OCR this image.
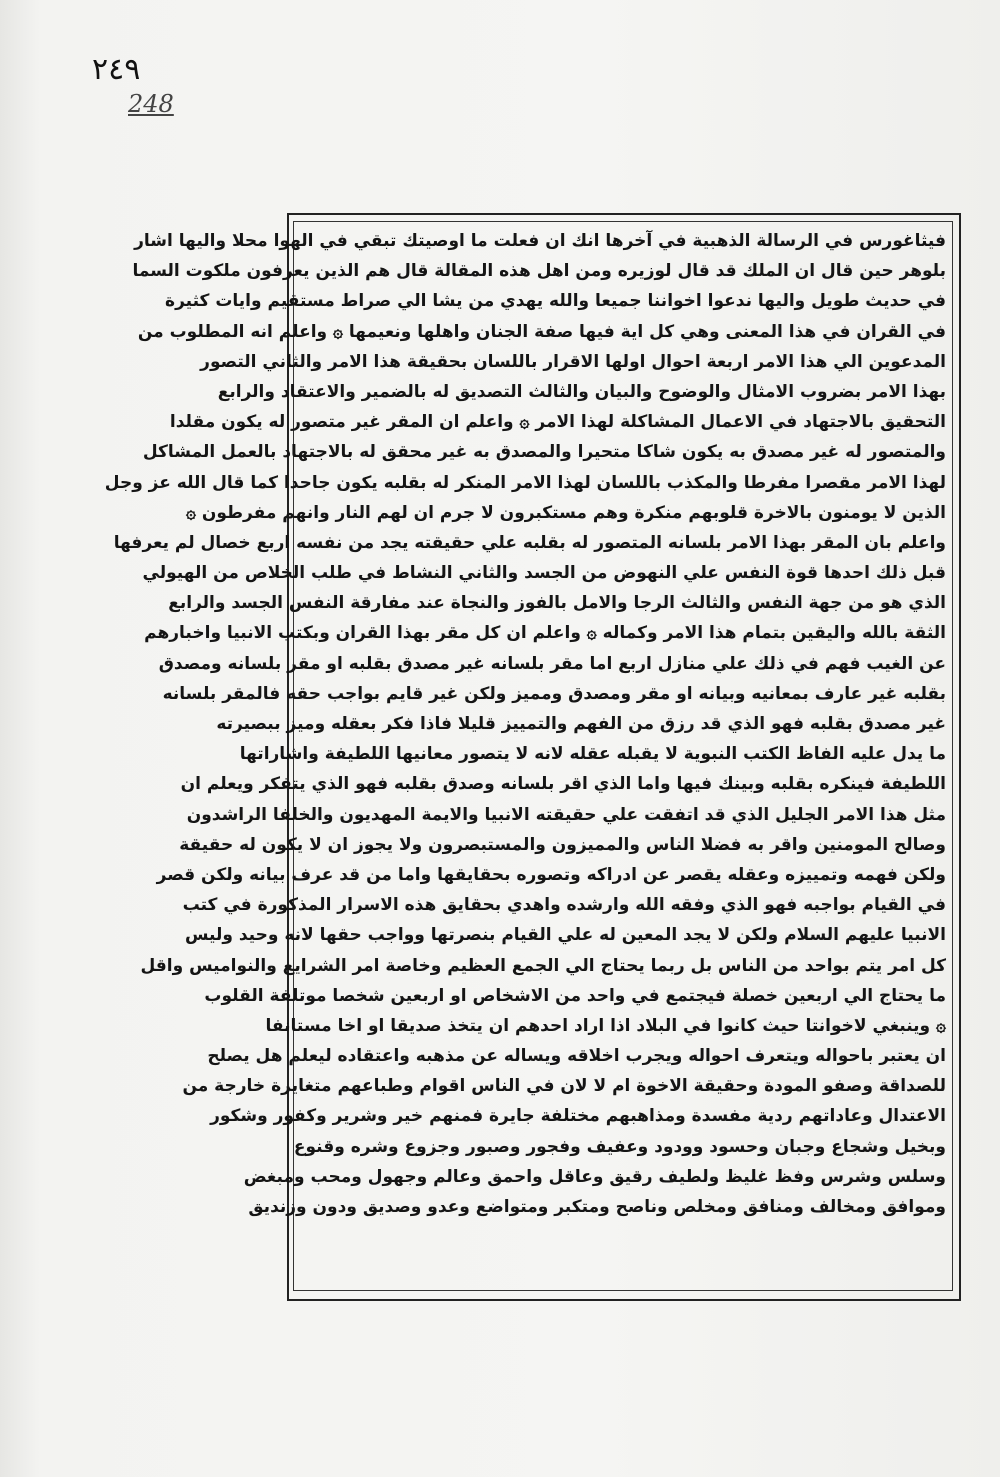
٢٤٩
248
فيثاغورس في الرسالة الذهبية في آخرها انك ان فعلت ما اوصيتك تبقي في الهوا محلا واليها اشار
بلوهر حين قال ان الملك قد قال لوزيره ومن اهل هذه المقالة قال هم الذين يعرفون ملكوت السما
في حديث طويل واليها ندعوا اخواننا جميعا والله يهدي من يشا الي صراط مستقيم وايات كثيرة
في القران في هذا المعنى وهي كل اية فيها صفة الجنان واهلها ونعيمها ۞ واعلم انه المطلوب من
المدعوين الي هذا الامر اربعة احوال اولها الاقرار باللسان بحقيقة هذا الامر والثاني التصور
بهذا الامر بضروب الامثال والوضوح والبيان والثالث التصديق له بالضمير والاعتقاد والرابع
التحقيق بالاجتهاد في الاعمال المشاكلة لهذا الامر ۞ واعلم ان المقر غير متصور له يكون مقلدا
والمتصور له غير مصدق به يكون شاكا متحيرا والمصدق به غير محقق له بالاجتهاد بالعمل المشاكل
لهذا الامر مقصرا مفرطا والمكذب باللسان لهذا الامر المنكر له بقلبه يكون جاحدا كما قال الله عز وجل
الذين لا يومنون بالاخرة قلوبهم منكرة وهم مستكبرون لا جرم ان لهم النار وانهم مفرطون ۞
واعلم بان المقر بهذا الامر بلسانه المتصور له بقلبه علي حقيقته يجد من نفسه اربع خصال لم يعرفها
قبل ذلك احدها قوة النفس علي النهوض من الجسد والثاني النشاط في طلب الخلاص من الهيولي
الذي هو من جهة النفس والثالث الرجا والامل بالفوز والنجاة عند مفارقة النفس الجسد والرابع
الثقة بالله واليقين بتمام هذا الامر وكماله ۞ واعلم ان كل مقر بهذا القران وبكتب الانبيا واخبارهم
عن الغيب فهم في ذلك علي منازل اربع اما مقر بلسانه غير مصدق بقلبه او مقر بلسانه ومصدق
بقلبه غير عارف بمعانيه وبيانه او مقر ومصدق ومميز ولكن غير قايم بواجب حقه فالمقر بلسانه
غير مصدق بقلبه فهو الذي قد رزق من الفهم والتمييز قليلا فاذا فكر بعقله وميز ببصيرته
ما يدل عليه الفاظ الكتب النبوية لا يقبله عقله لانه لا يتصور معانيها اللطيفة واشاراتها
اللطيفة فينكره بقلبه وبينك فيها واما الذي اقر بلسانه وصدق بقلبه فهو الذي يتفكر ويعلم ان
مثل هذا الامر الجليل الذي قد اتفقت علي حقيقته الانبيا والايمة المهديون والخلفا الراشدون
وصالح المومنين واقر به فضلا الناس والمميزون والمستبصرون ولا يجوز ان لا يكون له حقيقة
ولكن فهمه وتمييزه وعقله يقصر عن ادراكه وتصوره بحقايقها واما من قد عرف بيانه ولكن قصر
في القيام بواجبه فهو الذي وفقه الله وارشده واهدي بحقايق هذه الاسرار المذكورة في كتب
الانبيا عليهم السلام ولكن لا يجد المعين له علي القيام بنصرتها وواجب حقها لانه وحيد وليس
كل امر يتم بواحد من الناس بل ربما يحتاج الي الجمع العظيم وخاصة امر الشرايع والنواميس واقل
ما يحتاج الي اربعين خصلة فيجتمع في واحد من الاشخاص او اربعين شخصا موتلفة القلوب
۞ وينبغي لاخوانتا حيث كانوا في البلاد اذا اراد احدهم ان يتخذ صديقا او اخا مستانفا
ان يعتبر باحواله ويتعرف احواله ويجرب اخلاقه ويساله عن مذهبه واعتقاده ليعلم هل يصلح
للصداقة وصفو المودة وحقيقة الاخوة ام لا لان في الناس اقوام وطباعهم متغايرة خارجة من
الاعتدال وعاداتهم ردية مفسدة ومذاهبهم مختلفة جايرة فمنهم خير وشرير وكفور وشكور
وبخيل وشجاع وجبان وحسود وودود وعفيف وفجور وصبور وجزوع وشره وقنوع
وسلس وشرس وفظ غليظ ولطيف رقيق وعاقل واحمق وعالم وجهول ومحب ومبغض
وموافق ومخالف ومنافق ومخلص وناصح ومتكبر ومتواضع وعدو وصديق ودون وزنديق
